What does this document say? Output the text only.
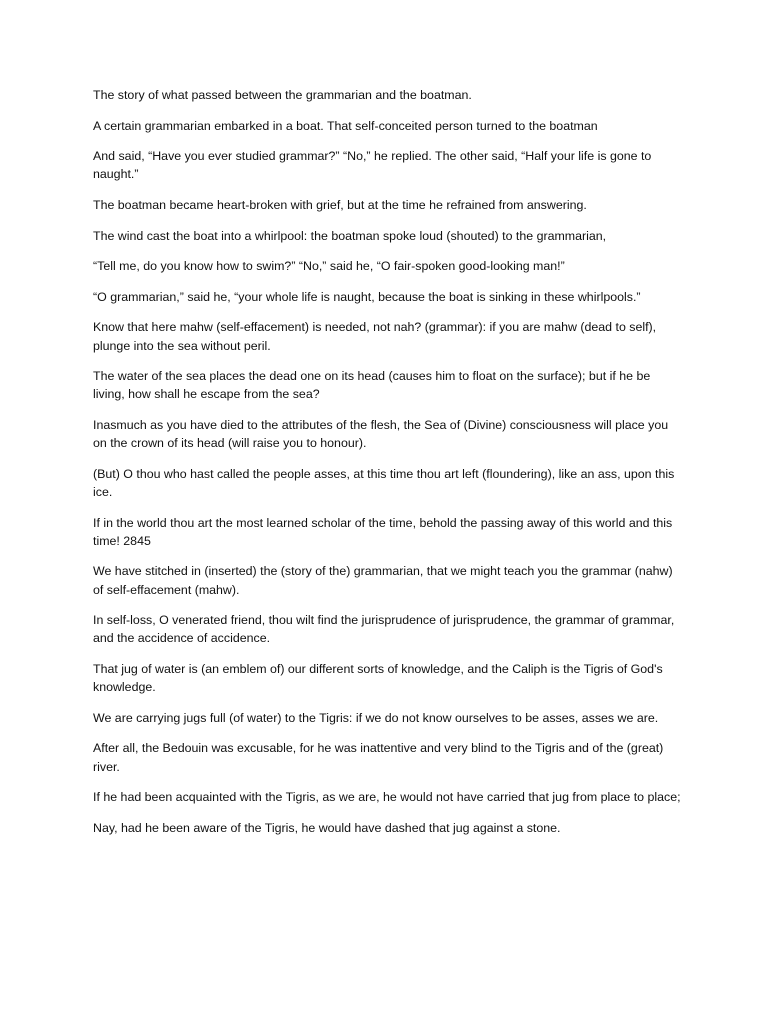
The story of what passed between the grammarian and the boatman.

A certain grammarian embarked in a boat. That self-conceited person turned to the boatman

And said, “Have you ever studied grammar?” “No,” he replied. The other said, “Half your life is gone to naught.”

The boatman became heart-broken with grief, but at the time he refrained from answering.

The wind cast the boat into a whirlpool: the boatman spoke loud (shouted) to the grammarian,

“Tell me, do you know how to swim?” “No,” said he, “O fair-spoken good-looking man!”

“O grammarian,” said he, “your whole life is naught, because the boat is sinking in these whirlpools.”

Know that here mahw (self-effacement) is needed, not nah? (grammar): if you are mahw (dead to self), plunge into the sea without peril.

The water of the sea places the dead one on its head (causes him to float on the surface); but if he be living, how shall he escape from the sea?

Inasmuch as you have died to the attributes of the flesh, the Sea of (Divine) consciousness will place you on the crown of its head (will raise you to honour).

(But) O thou who hast called the people asses, at this time thou art left (floundering), like an ass, upon this ice.

If in the world thou art the most learned scholar of the time, behold the passing away of this world and this time! 2845

We have stitched in (inserted) the (story of the) grammarian, that we might teach you the grammar (nahw) of self-effacement (mahw).

In self-loss, O venerated friend, thou wilt find the jurisprudence of jurisprudence, the grammar of grammar, and the accidence of accidence.

That jug of water is (an emblem of) our different sorts of knowledge, and the Caliph is the Tigris of God's knowledge.

We are carrying jugs full (of water) to the Tigris: if we do not know ourselves to be asses, asses we are.

After all, the Bedouin was excusable, for he was inattentive and very blind to the Tigris and of the (great) river.

If he had been acquainted with the Tigris, as we are, he would not have carried that jug from place to place;

Nay, had he been aware of the Tigris, he would have dashed that jug against a stone.
